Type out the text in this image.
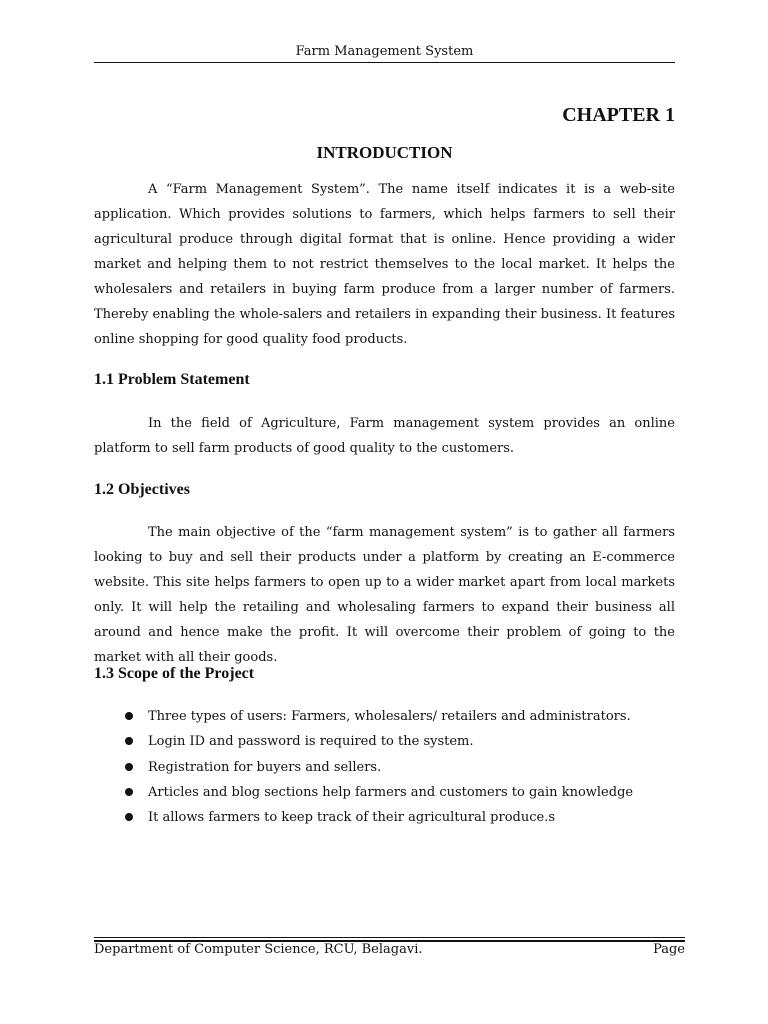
Farm Management System
CHAPTER 1
INTRODUCTION

A “Farm Management System”. The name itself indicates it is a web-site application. Which provides solutions to farmers, which helps farmers to sell their agricultural produce through digital format that is online. Hence providing a wider market and helping them to not restrict themselves to the local market. It helps the wholesalers and retailers in buying farm produce from a larger number of farmers. Thereby enabling the whole-salers and retailers in expanding their business. It features online shopping for good quality food products.

1.1 Problem Statement

In the field of Agriculture, Farm management system provides an online platform to sell farm products of good quality to the customers.

1.2 Objectives

The main objective of the “farm management system” is to gather all farmers looking to buy and sell their products under a platform by creating an E-commerce website. This site helps farmers to open up to a wider market apart from local markets only. It will help the retailing and wholesaling farmers to expand their business all around and hence make the profit. It will overcome their problem of going to the market with all their goods.

1.3 Scope of the Project
Three types of users: Farmers, wholesalers/ retailers and administrators.
Login ID and password is required to the system.
Registration for buyers and sellers.
Articles and blog sections help farmers and customers to gain knowledge
It allows farmers to keep track of their agricultural produce.s
Department of Computer Science, RCU, Belagavi.	Page
